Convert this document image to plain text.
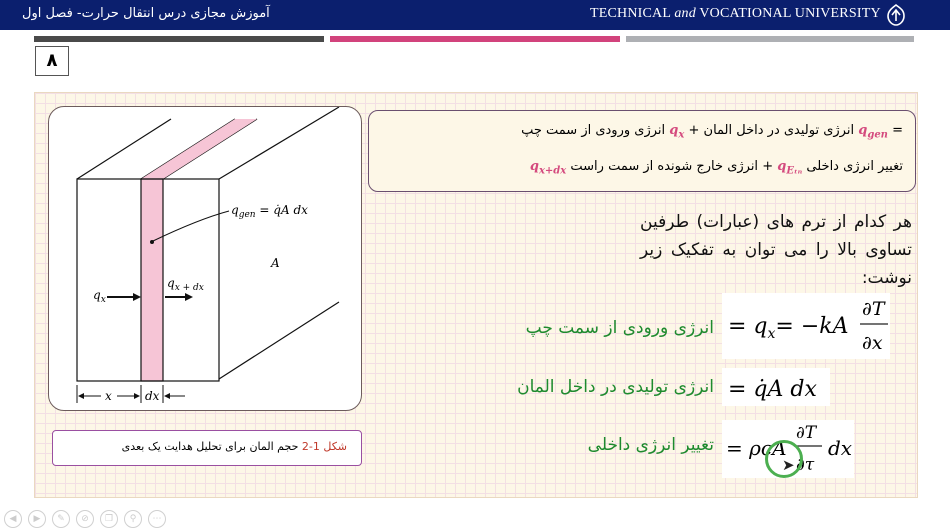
TECHNICAL and VOCATIONAL UNIVERSITY
آموزش مجازی درس انتقال حرارت- فصل اول
۸
$q_{gen}$ = q̇A dx
A
$q_x$
$q_{x + dx}$
x	dx
شکل 1-2 حجم المان برای تحلیل هدایت یک بعدی
= $q_{gen}$ انرژی تولیدی در داخل المان + $q_x$ انرژی ورودی از سمت چپ
تغییر انرژی داخلی $q_{E_{tn}}$ + انرژی خارج شونده از سمت راست $q_{x+dx}$
هر کدام از ترم های (عبارات) طرفین تساوی بالا را می توان به تفکیک زیر نوشت:
انرژی ورودی از سمت چپ
انرژی تولیدی در داخل المان
تغییر انرژی داخلی
= $q_x= -kA$
∂T
∂x
= q̇A dx
= ρcA
∂T
∂τ
dx
➤
◀ ▶ ✎ ⊘ ❐ ⚲ ⋯
